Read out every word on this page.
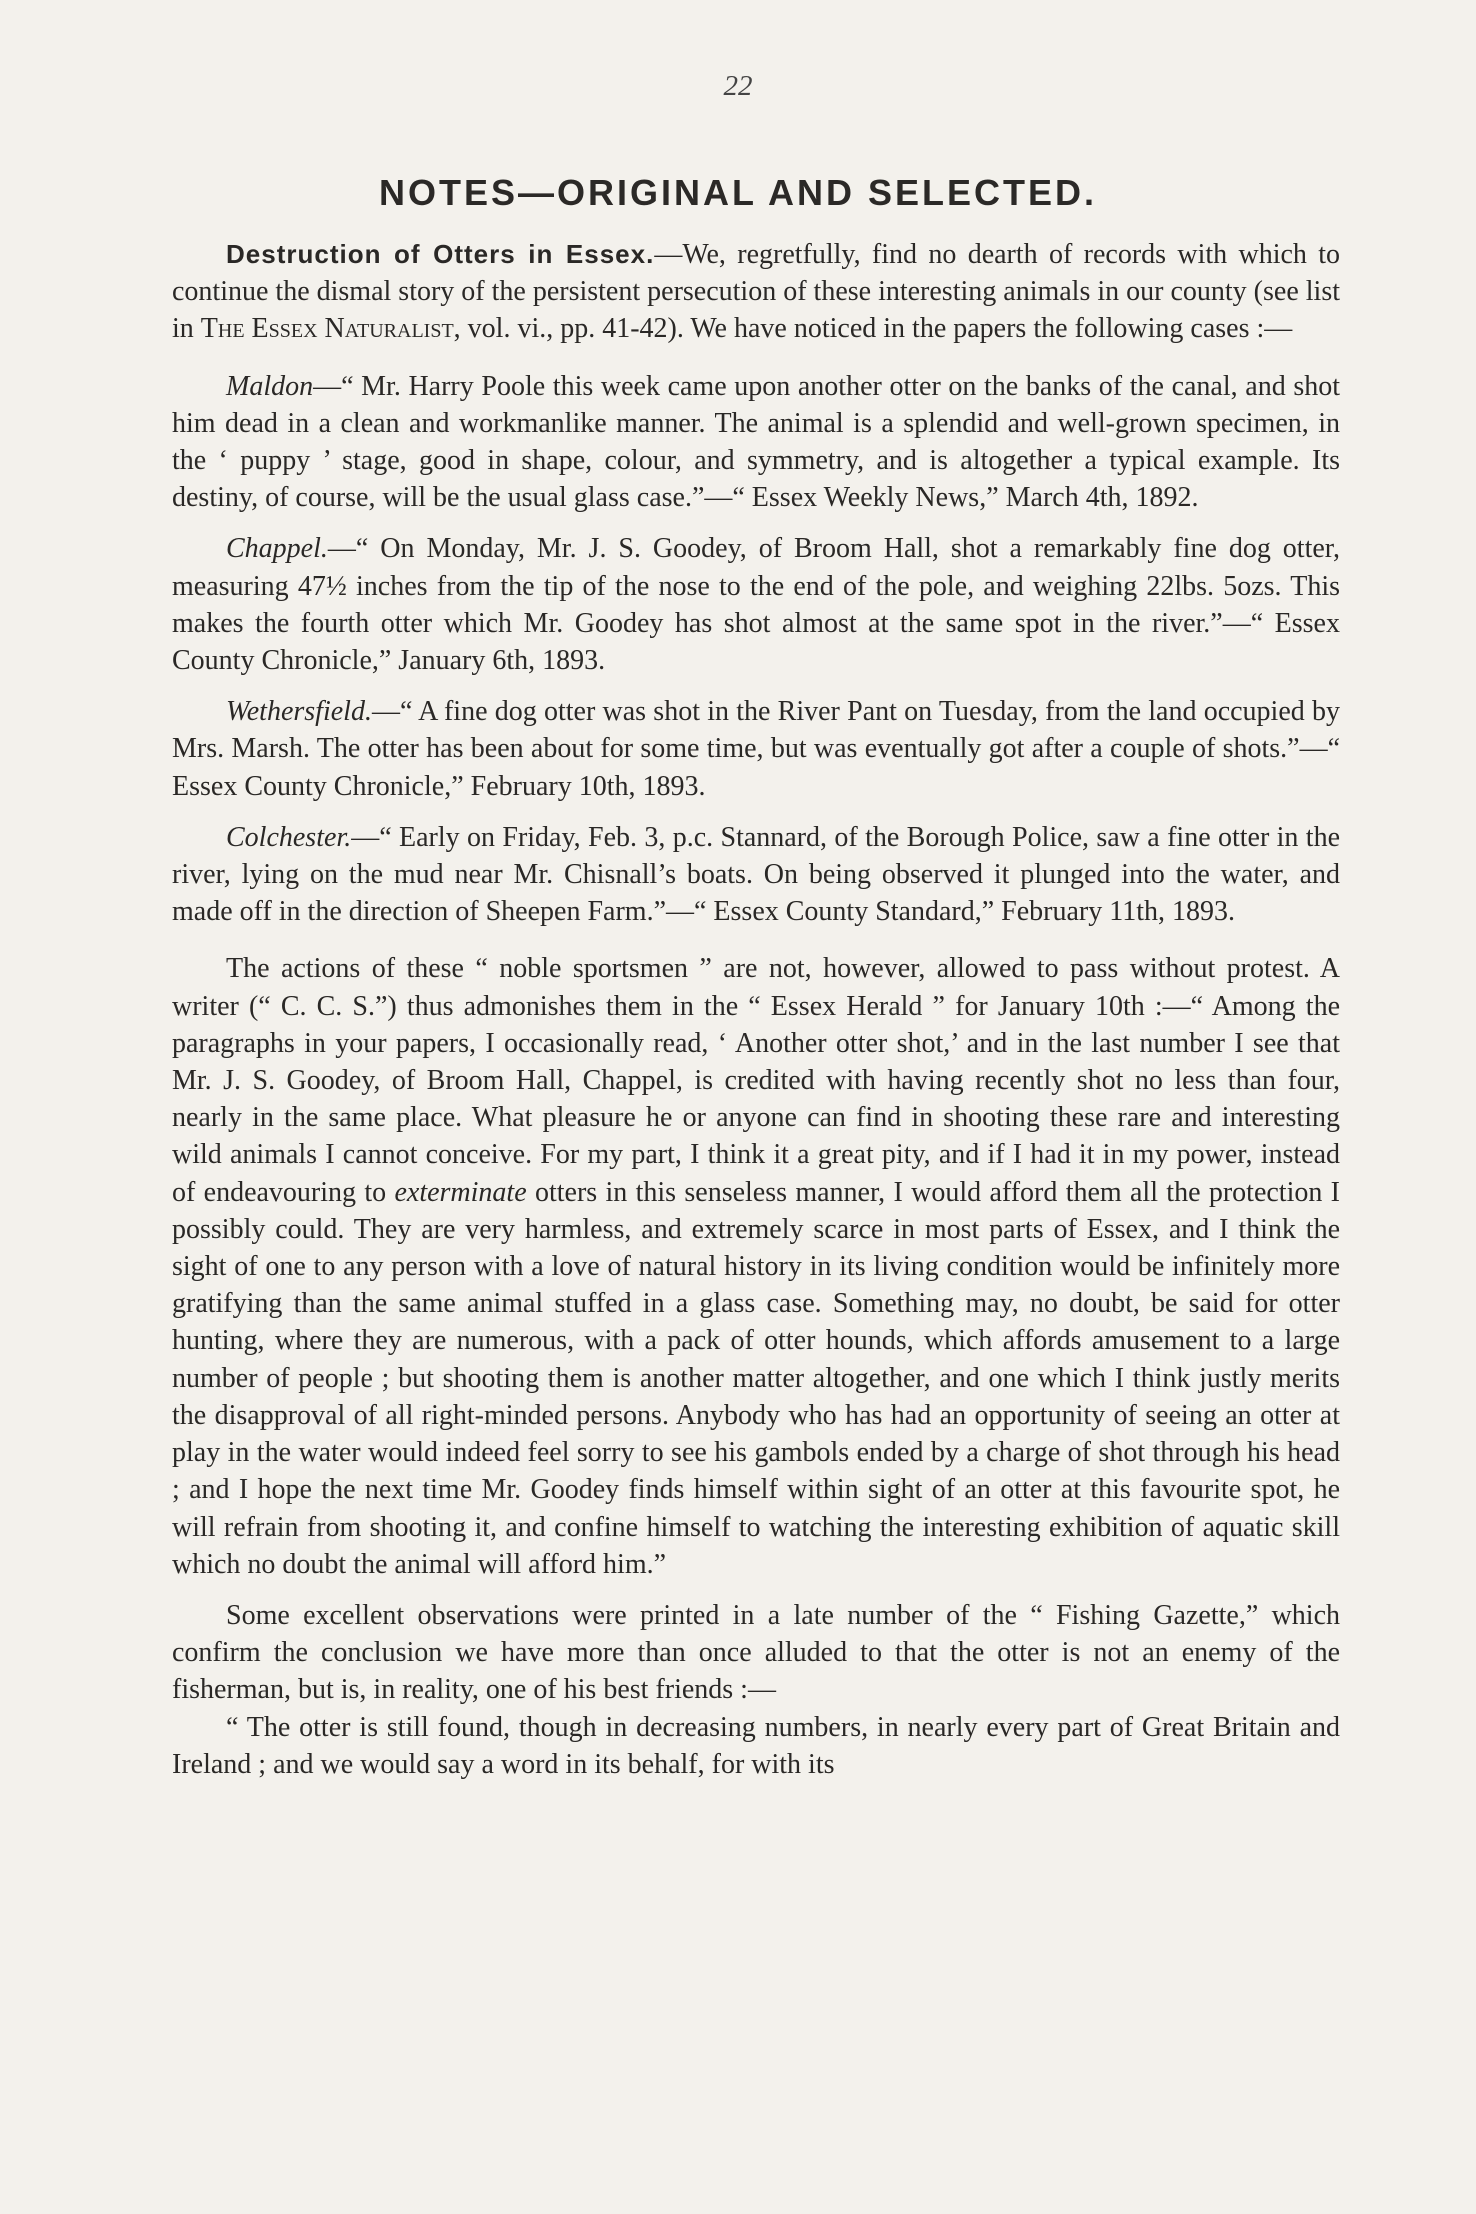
22
NOTES—ORIGINAL AND SELECTED.

Destruction of Otters in Essex.—We, regretfully, find no dearth of records with which to continue the dismal story of the persistent persecution of these interesting animals in our county (see list in The Essex Naturalist, vol. vi., pp. 41-42). We have noticed in the papers the following cases :—

Maldon—“ Mr. Harry Poole this week came upon another otter on the banks of the canal, and shot him dead in a clean and workmanlike manner. The animal is a splendid and well-grown specimen, in the ‘ puppy ’ stage, good in shape, colour, and symmetry, and is altogether a typical example. Its destiny, of course, will be the usual glass case.”—“ Essex Weekly News,” March 4th, 1892.

Chappel.—“ On Monday, Mr. J. S. Goodey, of Broom Hall, shot a remarkably fine dog otter, measuring 47½ inches from the tip of the nose to the end of the pole, and weighing 22lbs. 5ozs. This makes the fourth otter which Mr. Goodey has shot almost at the same spot in the river.”—“ Essex County Chronicle,” January 6th, 1893.

Wethersfield.—“ A fine dog otter was shot in the River Pant on Tuesday, from the land occupied by Mrs. Marsh. The otter has been about for some time, but was eventually got after a couple of shots.”—“ Essex County Chronicle,” February 10th, 1893.

Colchester.—“ Early on Friday, Feb. 3, p.c. Stannard, of the Borough Police, saw a fine otter in the river, lying on the mud near Mr. Chisnall’s boats. On being observed it plunged into the water, and made off in the direction of Sheepen Farm.”—“ Essex County Standard,” February 11th, 1893.

The actions of these “ noble sportsmen ” are not, however, allowed to pass without protest. A writer (“ C. C. S.”) thus admonishes them in the “ Essex Herald ” for January 10th :—“ Among the paragraphs in your papers, I occasionally read, ‘ Another otter shot,’ and in the last number I see that Mr. J. S. Goodey, of Broom Hall, Chappel, is credited with having recently shot no less than four, nearly in the same place. What pleasure he or anyone can find in shooting these rare and interesting wild animals I cannot conceive. For my part, I think it a great pity, and if I had it in my power, instead of endeavouring to exterminate otters in this senseless manner, I would afford them all the protection I possibly could. They are very harmless, and extremely scarce in most parts of Essex, and I think the sight of one to any person with a love of natural history in its living condition would be infinitely more gratifying than the same animal stuffed in a glass case. Something may, no doubt, be said for otter hunting, where they are numerous, with a pack of otter hounds, which affords amusement to a large number of people ; but shooting them is another matter altogether, and one which I think justly merits the disapproval of all right-minded persons. Anybody who has had an opportunity of seeing an otter at play in the water would indeed feel sorry to see his gambols ended by a charge of shot through his head ; and I hope the next time Mr. Goodey finds himself within sight of an otter at this favourite spot, he will refrain from shooting it, and confine himself to watching the interesting exhibition of aquatic skill which no doubt the animal will afford him.”

Some excellent observations were printed in a late number of the “ Fishing Gazette,” which confirm the conclusion we have more than once alluded to that the otter is not an enemy of the fisherman, but is, in reality, one of his best friends :—

“ The otter is still found, though in decreasing numbers, in nearly every part of Great Britain and Ireland ; and we would say a word in its behalf, for with its
